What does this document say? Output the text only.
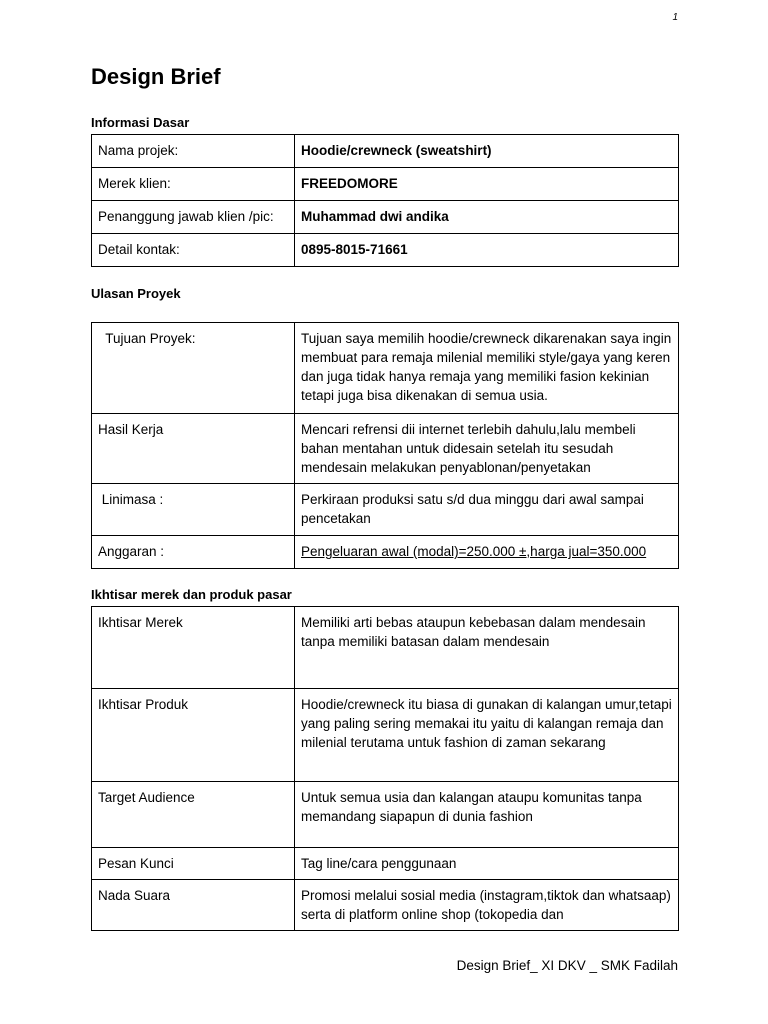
1
Design Brief
Informasi Dasar
Nama projek:	Hoodie/crewneck (sweatshirt)
Merek klien:	FREEDOMORE
Penanggung jawab klien /pic:	Muhammad dwi andika
Detail kontak:	0895-8015-71661
Ulasan Proyek
Tujuan Proyek:	Tujuan saya memilih hoodie/crewneck dikarenakan saya ingin membuat para remaja milenial memiliki style/gaya yang keren dan juga tidak hanya remaja yang memiliki fasion kekinian tetapi juga bisa dikenakan di semua usia.
Hasil Kerja	Mencari refrensi dii internet terlebih dahulu,lalu membeli bahan mentahan untuk didesain setelah itu sesudah mendesain melakukan penyablonan/penyetakan
Linimasa :	Perkiraan produksi satu s/d dua minggu dari awal sampai pencetakan
Anggaran :	Pengeluaran awal (modal)=250.000 ±,harga jual=350.000
Ikhtisar merek dan produk pasar
Ikhtisar Merek	Memiliki arti bebas ataupun kebebasan dalam mendesain tanpa memiliki batasan dalam mendesain
Ikhtisar Produk	Hoodie/crewneck itu biasa di gunakan di kalangan umur,tetapi yang paling sering memakai itu yaitu di kalangan remaja dan milenial terutama untuk fashion di zaman sekarang
Target Audience	Untuk semua usia dan kalangan ataupu komunitas tanpa memandang siapapun di dunia fashion
Pesan Kunci	Tag line/cara penggunaan
Nada Suara	Promosi melalui sosial media (instagram,tiktok dan whatsaap) serta di platform online shop (tokopedia dan
Design Brief_ XI DKV _ SMK Fadilah
